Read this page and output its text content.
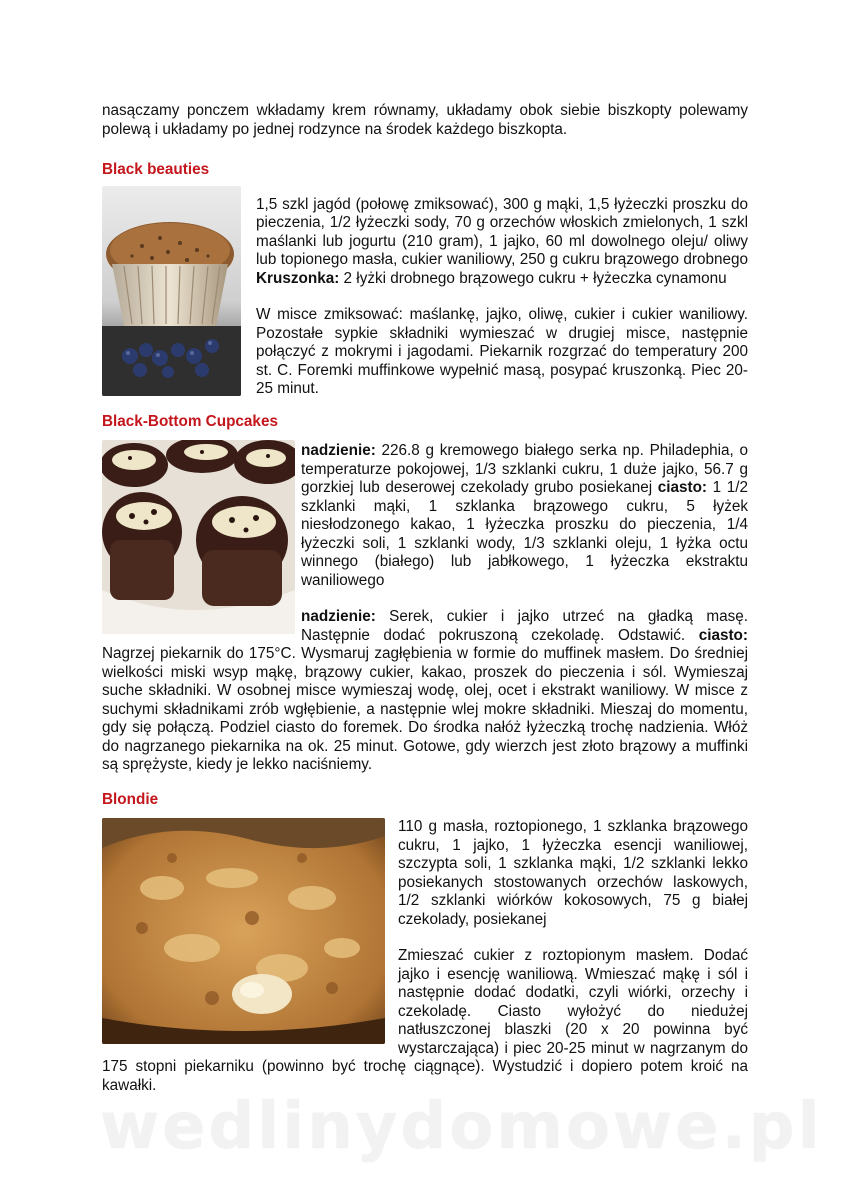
nasączamy ponczem wkładamy krem równamy, układamy obok siebie biszkopty polewamy polewą i układamy po jednej rodzynce na środek każdego biszkopta.

Black beauties

1,5 szkl jagód (połowę zmiksować), 300 g mąki, 1,5 łyżeczki proszku do pieczenia, 1/2 łyżeczki sody, 70 g orzechów włoskich zmielonych, 1 szkl maślanki lub jogurtu (210 gram), 1 jajko, 60 ml dowolnego oleju/ oliwy lub topionego masła, cukier waniliowy, 250 g cukru brązowego drobnego Kruszonka: 2 łyżki drobnego brązowego cukru + łyżeczka cynamonu

W misce zmiksować: maślankę, jajko, oliwę, cukier i cukier waniliowy. Pozostałe sypkie składniki wymieszać w drugiej misce, następnie połączyć z mokrymi i jagodami. Piekarnik rozgrzać do temperatury 200 st. C. Foremki muffinkowe wypełnić masą, posypać kruszonką. Piec 20-25 minut.

Black-Bottom Cupcakes

nadzienie: 226.8 g kremowego białego serka np. Philadephia, o temperaturze pokojowej, 1/3 szklanki cukru, 1 duże jajko, 56.7 g gorzkiej lub deserowej czekolady grubo posiekanej ciasto: 1 1/2 szklanki mąki, 1 szklanka brązowego cukru, 5 łyżek niesłodzonego kakao, 1 łyżeczka proszku do pieczenia, 1/4 łyżeczki soli, 1 szklanki wody, 1/3 szklanki oleju, 1 łyżka octu winnego (białego) lub jabłkowego, 1 łyżeczka ekstraktu waniliowego

nadzienie: Serek, cukier i jajko utrzeć na gładką masę. Następnie dodać pokruszoną czekoladę. Odstawić. ciasto: Nagrzej piekarnik do 175°C. Wysmaruj zagłębienia w formie do muffinek masłem. Do średniej wielkości miski wsyp mąkę, brązowy cukier, kakao, proszek do pieczenia i sól. Wymieszaj suche składniki. W osobnej misce wymieszaj wodę, olej, ocet i ekstrakt waniliowy. W misce z suchymi składnikami zrób wgłębienie, a następnie wlej mokre składniki. Mieszaj do momentu, gdy się połączą. Podziel ciasto do foremek. Do środka nałóż łyżeczką trochę nadzienia. Włóż do nagrzanego piekarnika na ok. 25 minut. Gotowe, gdy wierzch jest złoto brązowy a muffinki są sprężyste, kiedy je lekko naciśniemy.

Blondie

110 g masła, roztopionego, 1 szklanka brązowego cukru, 1 jajko, 1 łyżeczka esencji waniliowej, szczypta soli, 1 szklanka mąki, 1/2 szklanki lekko posiekanych stostowanych orzechów laskowych, 1/2 szklanki wiórków kokosowych, 75 g białej czekolady, posiekanej

Zmieszać cukier z roztopionym masłem. Dodać jajko i esencję waniliową. Wmieszać mąkę i sól i następnie dodać dodatki, czyli wiórki, orzechy i czekoladę. Ciasto wyłożyć do niedużej natłuszczonej blaszki (20 x 20 powinna być wystarczająca) i piec 20-25 minut w nagrzanym do 175 stopni piekarniku (powinno być trochę ciągnące). Wystudzić i dopiero potem kroić na kawałki.

wedlinydomowe.pl
